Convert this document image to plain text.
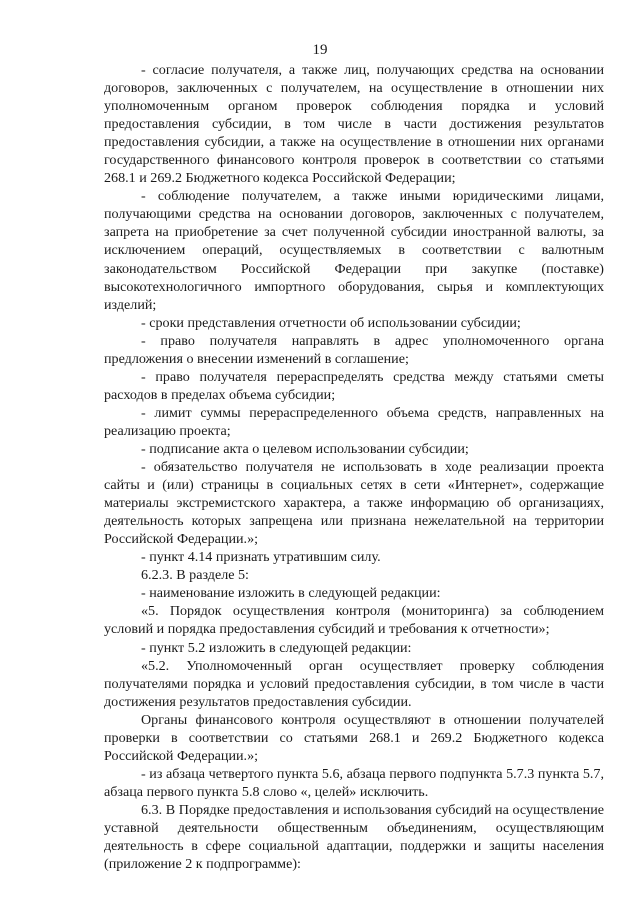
19

- согласие получателя, а также лиц, получающих средства на основании договоров, заключенных с получателем, на осуществление в отношении них уполномоченным органом проверок соблюдения порядка и условий предоставления субсидии, в том числе в части достижения результатов предоставления субсидии, а также на осуществление в отношении них органами государственного финансового контроля проверок в соответствии со статьями 268.1 и 269.2 Бюджетного кодекса Российской Федерации;

- соблюдение получателем, а также иными юридическими лицами, получающими средства на основании договоров, заключенных с получателем, запрета на приобретение за счет полученной субсидии иностранной валюты, за исключением операций, осуществляемых в соответствии с валютным законодательством Российской Федерации при закупке (поставке) высокотехнологичного импортного оборудования, сырья и комплектующих изделий;

- сроки представления отчетности об использовании субсидии;

- право получателя направлять в адрес уполномоченного органа предложения о внесении изменений в соглашение;

- право получателя перераспределять средства между статьями сметы расходов в пределах объема субсидии;

- лимит суммы перераспределенного объема средств, направленных на реализацию проекта;

- подписание акта о целевом использовании субсидии;

- обязательство получателя не использовать в ходе реализации проекта сайты и (или) страницы в социальных сетях в сети «Интернет», содержащие материалы экстремистского характера, а также информацию об организациях, деятельность которых запрещена или признана нежелательной на территории Российской Федерации.»;

- пункт 4.14 признать утратившим силу.

6.2.3. В разделе 5:

- наименование изложить в следующей редакции:

«5. Порядок осуществления контроля (мониторинга) за соблюдением условий и порядка предоставления субсидий и требования к отчетности»;

- пункт 5.2 изложить в следующей редакции:

«5.2. Уполномоченный орган осуществляет проверку соблюдения получателями порядка и условий предоставления субсидии, в том числе в части достижения результатов предоставления субсидии.

Органы финансового контроля осуществляют в отношении получателей проверки в соответствии со статьями 268.1 и 269.2 Бюджетного кодекса Российской Федерации.»;

- из абзаца четвертого пункта 5.6, абзаца первого подпункта 5.7.3 пункта 5.7, абзаца первого пункта 5.8 слово «, целей» исключить.

6.3. В Порядке предоставления и использования субсидий на осуществление уставной деятельности общественным объединениям, осуществляющим деятельность в сфере социальной адаптации, поддержки и защиты населения (приложение 2 к подпрограмме):
